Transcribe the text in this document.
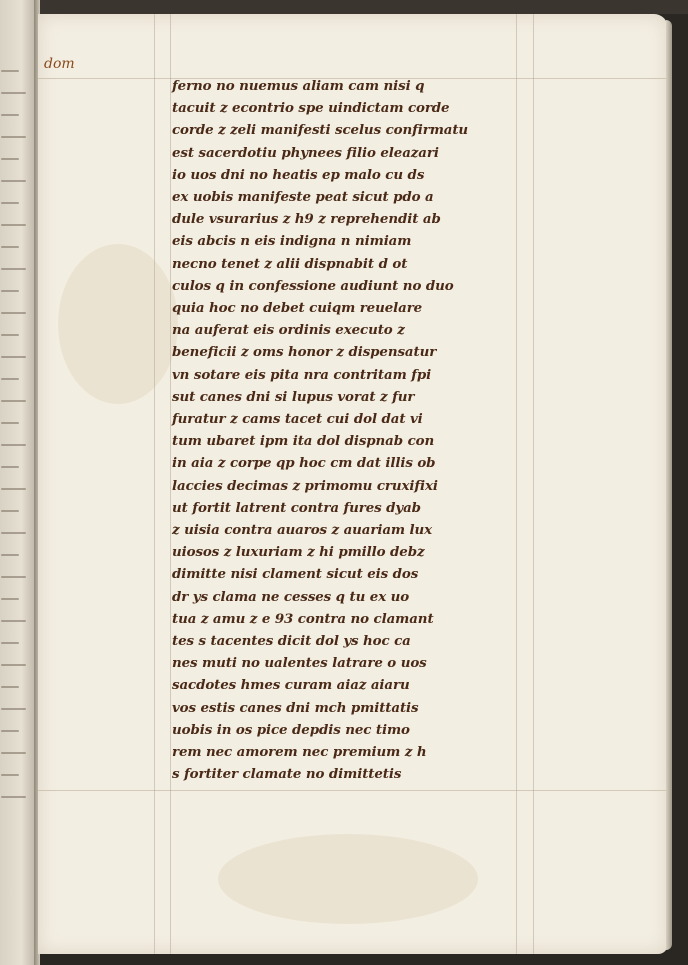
dom
ferno no nuemus aliam cam nisi q
tacuit z econtrio spe uindictam corde
corde z zeli manifesti scelus confirmatu
est sacerdotiu phynees filio eleazari
io uos dni no heatis ep malo cu ds
ex uobis manifeste peat sicut pdo a
dule vsurarius z h9 z reprehendit ab
eis abcis n eis indigna n nimiam
necno tenet z alii dispnabit d ot
culos q in confessione audiunt no duo
quia hoc no debet cuiqm reuelare
na auferat eis ordinis executo z
beneficii z oms honor z dispensatur
vn sotare eis pita nra contritam fpi
sut canes dni si lupus vorat z fur
furatur z cams tacet cui dol dat vi
tum ubaret ipm ita dol dispnab con
in aia z corpe qp hoc cm dat illis ob
laccies decimas z primomu cruxifixi
ut fortit latrent contra fures dyab
z uisia contra auaros z auariam lux
uiosos z luxuriam z hi pmillo debz
dimitte nisi clament sicut eis dos
dr ys clama ne cesses q tu ex uo
tua z amu z e 93 contra no clamant
tes s tacentes dicit dol ys hoc ca
nes muti no ualentes latrare o uos
sacdotes hmes curam aiaz aiaru
vos estis canes dni mch pmittatis
uobis in os pice depdis nec timo
rem nec amorem nec premium z h
s fortiter clamate no dimittetis
